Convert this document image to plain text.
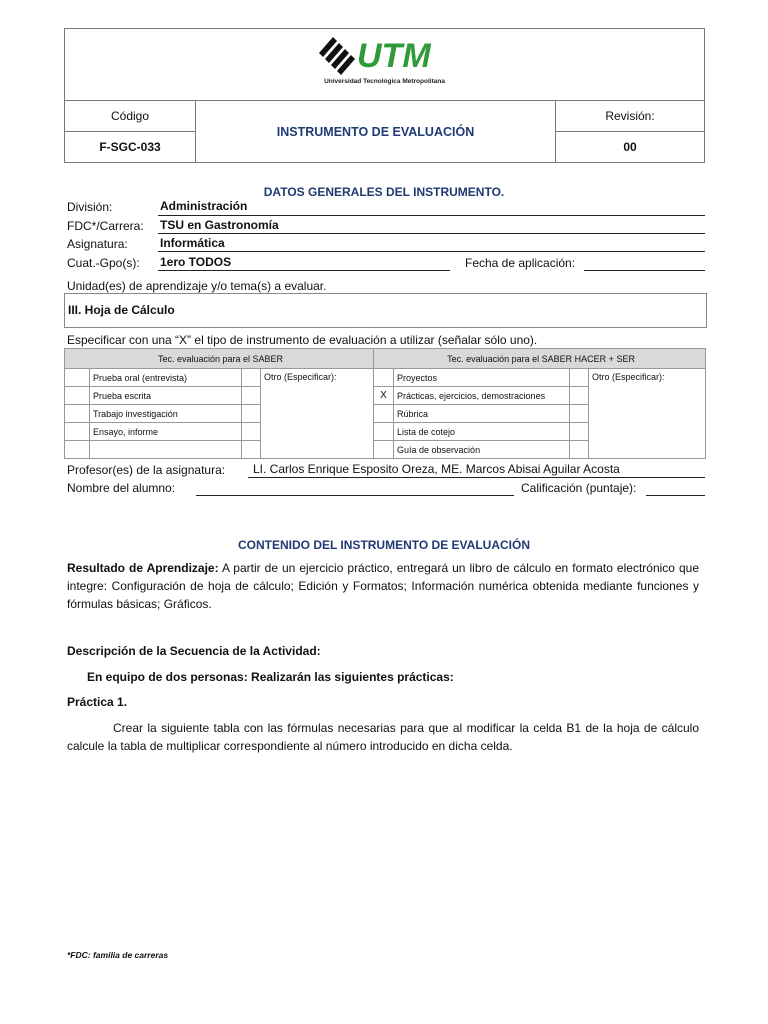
UTM
Universidad Tecnológica Metropolitana		

Código	INSTRUMENTO DE EVALUACIÓN	Revisión:
F-SGC-033		00
DATOS GENERALES DEL INSTRUMENTO.
División:	Administración
FDC*/Carrera: TSU en Gastronomía
Asignatura:	Informática
Cuat.-Gpo(s): 1ero TODOS	Fecha de aplicación:
Unidad(es) de aprendizaje y/o tema(s) a evaluar.
III. Hoja de Cálculo
Especificar con una “X” el tipo de instrumento de evaluación a utilizar (señalar sólo uno).
Tec. evaluación para el SABER				Tec. evaluación para el SABER HACER + SER			
	Prueba oral (entrevista)		Otro (Especificar):		Proyectos		Otro (Especificar):
	Prueba escrita			X	Prácticas, ejercicios, demostraciones		
	Trabajo investigación				Rúbrica		
	Ensayo, informe				Lista de cotejo		
					Guía de observación		
Profesor(es) de la asignatura: LI. Carlos Enrique Esposito Oreza, ME. Marcos Abisai Aguilar Acosta
Nombre del alumno:	Calificación (puntaje):
CONTENIDO DEL INSTRUMENTO DE EVALUACIÓN
Resultado de Aprendizaje: A partir de un ejercicio práctico, entregará un libro de cálculo en formato electrónico que integre: Configuración de hoja de cálculo; Edición y Formatos; Información numérica obtenida mediante funciones y fórmulas básicas; Gráficos.
Descripción de la Secuencia de la Actividad:
En equipo de dos personas: Realizarán las siguientes prácticas:
Práctica 1.
Crear la siguiente tabla con las fórmulas necesarias para que al modificar la celda B1 de la hoja de cálculo calcule la tabla de multiplicar correspondiente al número introducido en dicha celda.
*FDC: familia de carreras
